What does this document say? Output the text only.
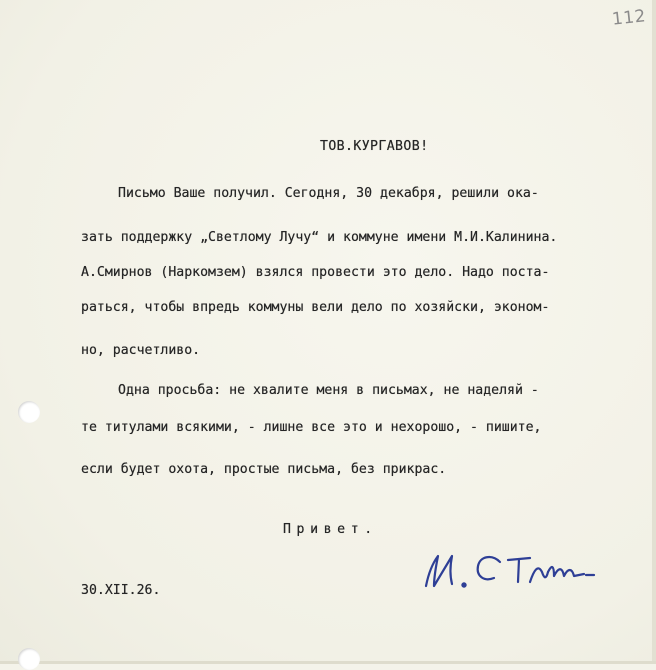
112
ТОВ.КУРГАВОВ!
Письмо Ваше получил. Сегодня, 30 декабря, решили ока-
зать поддержку „Светлому Лучу“ и коммуне имени М.И.Калинина.
А.Смирнов (Наркомзем) взялся провести это дело. Надо поста-
раться, чтобы впредь коммуны вели дело по хозяйски, эконом-
но, расчетливо.
Одна просьба: не хвалите меня в письмах, не наделяй -
те титулами всякими, - лишне все это и нехорошо, - пишите,
если будет охота, простые письма, без прикрас.
Привет.
30.XII.26.
